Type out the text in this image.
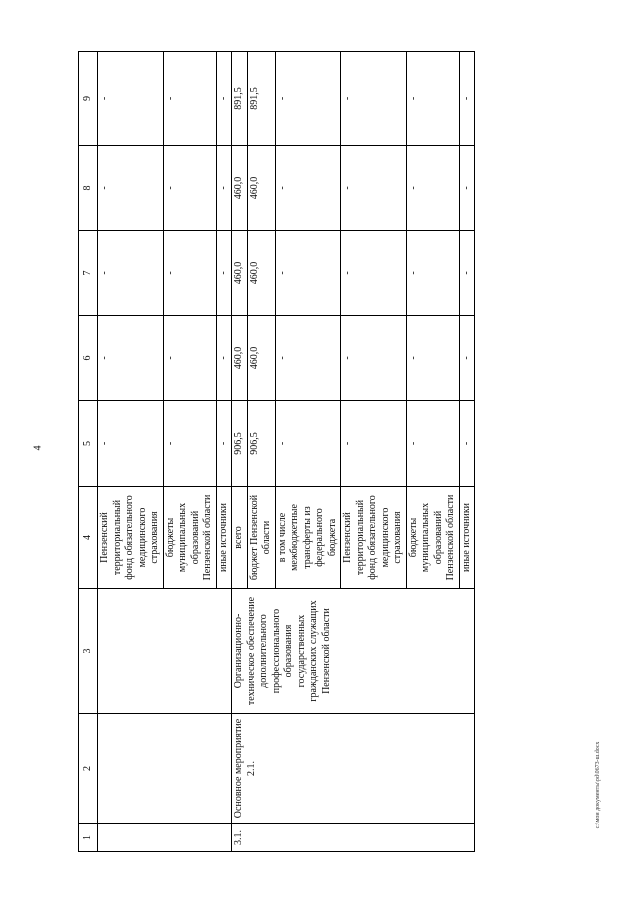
4
c:\мои документы\pd\0673-ш.docx
1	2	3	4	5	6	7	8	9
			Пензенский территориальный фонд обязательного медицинского страхования	-	-	-	-	-
			бюджеты муниципальных образований Пензенской области	-	-	-	-	-
			иные источники	-	-	-	-	-
3.1.	Основное мероприятие 2.1.	Организационно-техническое обеспечение дополнительного профессионального образования государственных гражданских служащих Пензенской области	всего	906,5	460,0	460,0	460,0	891,5
			бюджет Пензенской области	906,5	460,0	460,0	460,0	891,5
			в том числе межбюджетные трансферты из федерального бюджета	-	-	-	-	-
			Пензенский территориальный фонд обязательного медицинского страхования	-	-	-	-	-
			бюджеты муниципальных образований Пензенской области	-	-	-	-	-
			иные источники	-	-	-	-	-
